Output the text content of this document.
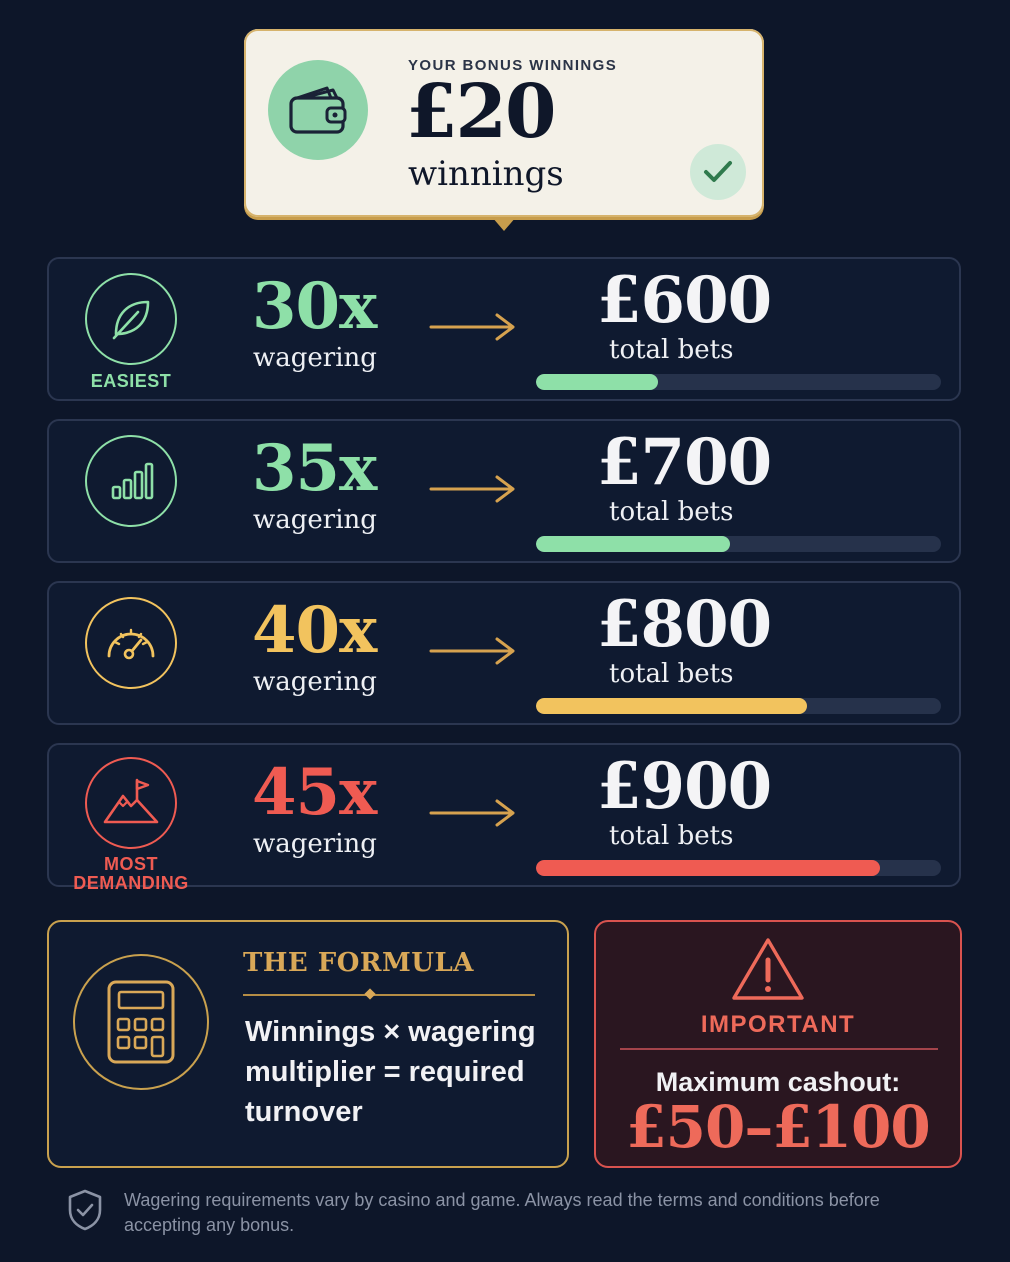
YOUR BONUS WINNINGS
£20
winnings
EASIEST
30x
wagering
£600
total bets
35x
wagering
£700
total bets
40x
wagering
£800
total bets
MOST DEMANDING
45x
wagering
£900
total bets
THE FORMULA
Winnings × wagering multiplier = required turnover
IMPORTANT
Maximum cashout:
£50–£100
Wagering requirements vary by casino and game. Always read the terms and conditions before accepting any bonus.
